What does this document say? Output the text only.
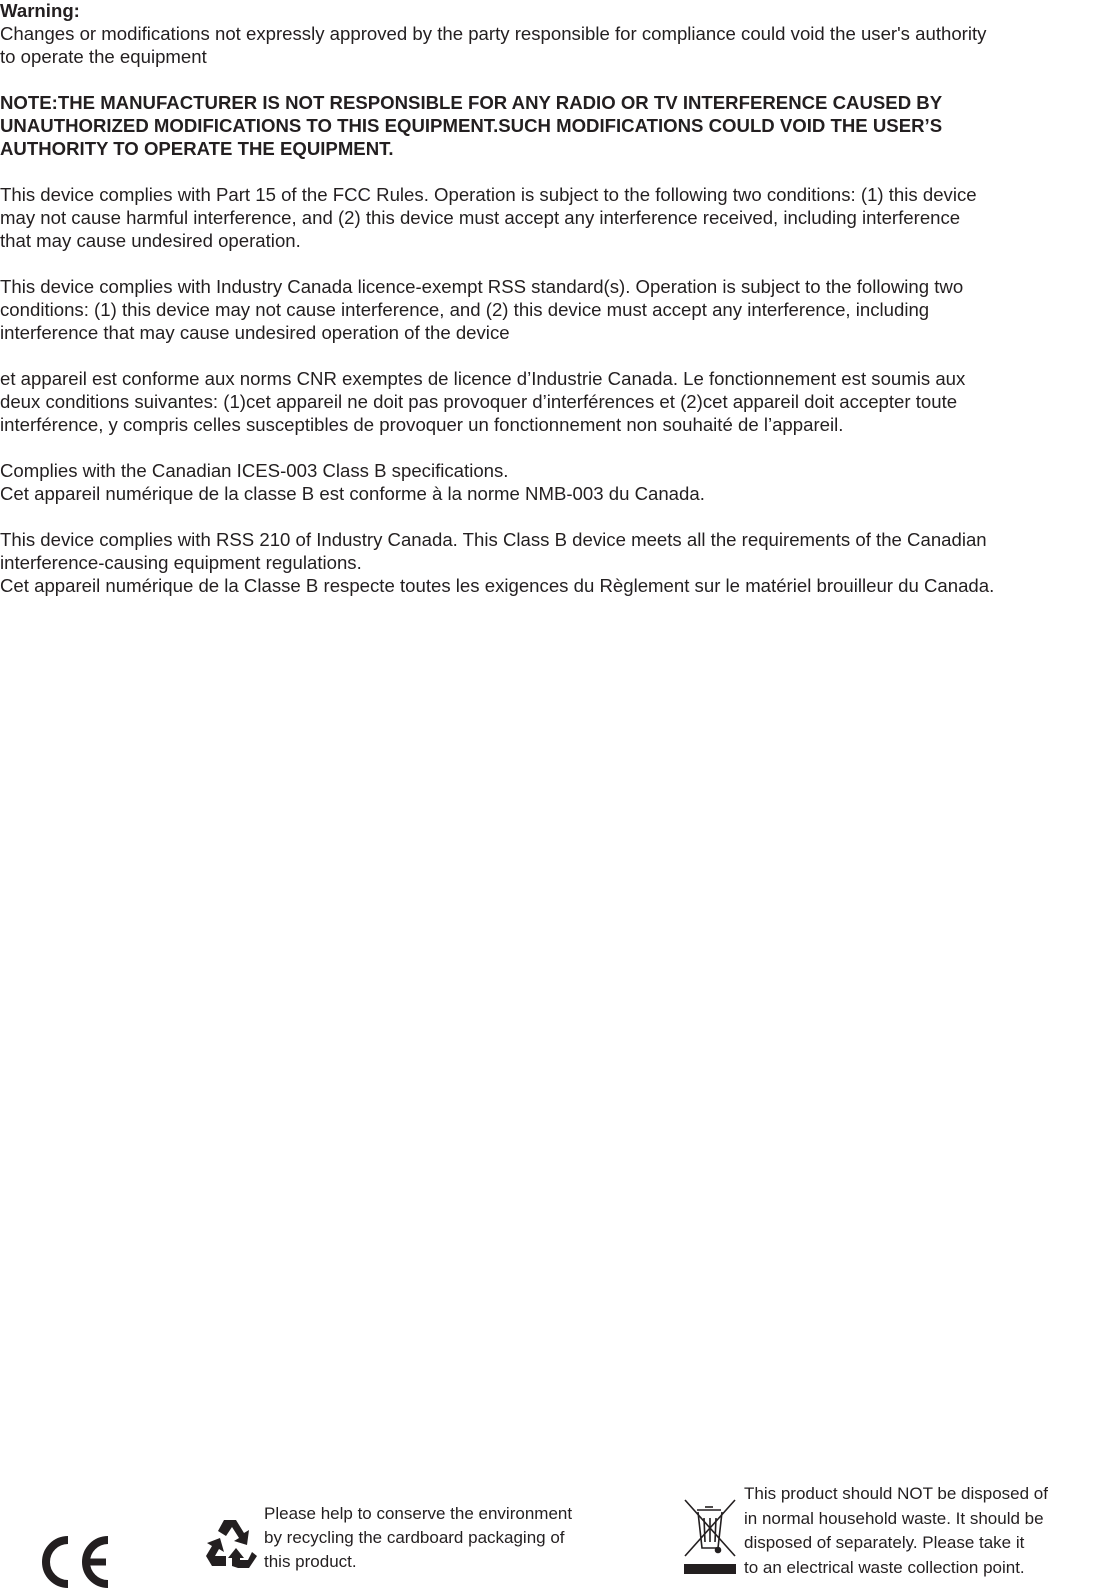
Warning:

Changes or modifications not expressly approved by the party responsible for compliance could void the user's authority
to operate the equipment

NOTE:THE MANUFACTURER IS NOT RESPONSIBLE FOR ANY RADIO OR TV INTERFERENCE CAUSED BY
UNAUTHORIZED MODIFICATIONS TO THIS EQUIPMENT.SUCH MODIFICATIONS COULD VOID THE USER’S
AUTHORITY TO OPERATE THE EQUIPMENT.

This device complies with Part 15 of the FCC Rules. Operation is subject to the following two conditions: (1) this device
may not cause harmful interference, and (2) this device must accept any interference received, including interference
that may cause undesired operation.

This device complies with Industry Canada licence-exempt RSS standard(s). Operation is subject to the following two
conditions: (1) this device may not cause interference, and (2) this device must accept any interference, including
interference that may cause undesired operation of the device

et appareil est conforme aux norms CNR exemptes de licence d’Industrie Canada. Le fonctionnement est soumis aux
deux conditions suivantes: (1)cet appareil ne doit pas provoquer d’interférences et (2)cet appareil doit accepter toute
interférence, y compris celles susceptibles de provoquer un fonctionnement non souhaité de l’appareil.

Complies with the Canadian ICES-003 Class B specifications.
Cet appareil numérique de la classe B est conforme à la norme NMB-003 du Canada.

This device complies with RSS 210 of Industry Canada. This Class B device meets all the requirements of the Canadian
interference-causing equipment regulations.
Cet appareil numérique de la Classe B respecte toutes les exigences du Règlement sur le matériel brouilleur du Canada.

Please help to conserve the environment
by recycling the cardboard packaging of
this product.
This product should NOT be disposed of
in normal household waste. It should be
disposed of separately. Please take it
to an electrical waste collection point.
